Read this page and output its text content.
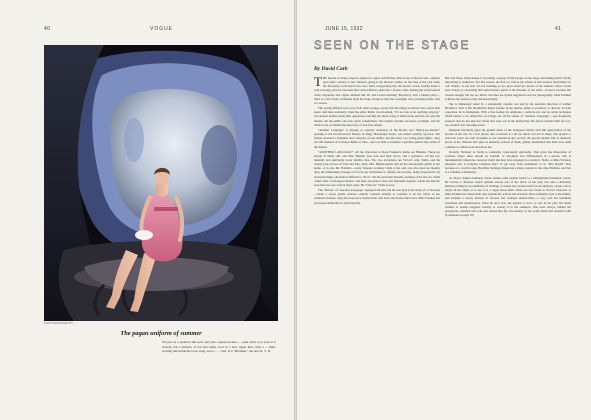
40	VOGUE
PHOTOGRAPHED BY ...	... ...
The pagan uniform of summer
We put on a pedestal this new and pale, square-necked, ... pink when you look at it closely, but a mixture of red and white wool in a new ripple knit, with a ... fluid-looking that holds the torso snug, and a ... ... belt. It is "Brettesh," the new R. V. D.
JUNE 15, 1932	41
SEEN ON THE STAGE
By David Carb

THE theatre, in many respects, neglects to agree with Nature. But in one, it flowers late—indeed, goes quite contrary to her: Nature's spring is the theatre's winter. At the time of the year when the flowering world bursts into new, fresh, invigorating life, the theatre crawls wearily under a cold covering, shivers, becomes inert and profitless, sinks into a frozen coma. During the vernal period when vagrancies and vigour animate life, Dr. and Leaves-forming, Broadway with a listless palsy—turns to a few frosty conditions upon the stage, shrugs as they the overnight, and, yawning loudly, calls it a season.

This spring differed in no way from other springs, except that the things produced were worse than usual. And then, suddenly, when the entire Rialto was moaning, "It's too late to do anything anyway," two serious dramas made their appearance and like the sharp clang of alarm-locks startled, not only the theatre, but the public also into quick wakefulness. The dramas became successes overnight, and the whole town acclaimed the discovery of four fine talents.

"Another Language" is playing to capacity audiences at the Booth, and "Merry-Go-Round," opening at the Provincetown Theatre in dingy Macdougal Street, was rushed quickly up-town. The former revealed a dramatist and a director of real ability, and the latter, two young playwrights—they are still students of Professor Baker at Yale—who are able to translate a genuine passion into terms of the theatre.

"ANOTHER LANGUAGE": All the characters in Rose Franken's drama are Hallams. There are eleven of them—Mr. and Mrs. Hallam, four sons and their wives, and a grandson—all but two mentally and spiritually lower middle class. The two exceptions are Victor's wife, Stella, and the twenty-year-old son of Paul and Etta, Jerry. Mrs. Hallam insists that all her descendants gather at her home—it is also Mr. Hallam's—every Tuesday evening. Stella is the only one who does not meekly obey the dominating dowager, not from any inclination to offend, but because, being interested in art and such things, she finds it difficult to "fit in." On the particular Tuesday evening of the last act, Stella comes after a prolonged absence, and there encounters Jerry, her husband's nephew, whom she had not seen since he was a lad in short pants. He "falls for" Stella at once.

The "theatre" of "Another Language" springs from that, but the real play is the study of a vivacious—under a sweet, gentle exterior—elderly woman's attempt to continue to be the centre of her children's interest, long after they have formed their own lives and found other loves. Miss Franken has succeeded admirably in depicting that.

Her best finest achievement is in putting a group of dull people on the stage and making them vividly interesting to audiences. For that reason, the first act, before the advent of that tension, fixed thing we call "drama," is the best. It's not insisting on too great detail (no places of the realistic school would have done); by exercising that selectiveness which is the measure of the artist—in short, because she reveals enough, but not too much, becomes an orphan suggestion and not photography, Miss Franken achieves her purpose truly and absorbingly.

She is immensely aided by a remarkably capable cast and by the sensitive direction of Arthur Beckhard. This is Mr. Beckhard's initial venture in the theatre, either as producer or director. In both capacities, he is triumphant. With a fine feeling for emphasis, a delicate ear, and an adroit technique which seems to be instinctive, he brings out all the values of "Another Language"—one frequently suspects that he has injected values that were not in the manuscript. He shows marked skill (or is it, too, instinct?) in choosing actors.

Margaret Wycherly plays the grande dame of the bourgeois family with full appreciation of the burden of the role. In a few places, she overstress it a bit too much, but not in many. She projects a character every one will recognize as not unusual in any society: the greedy mother who is intensely proud of her children and quite as intensely jealous of them, grimly determined that their lives shall continue to radiate from and about her.

Dorothy Stickney as Stella is somewhat consciously spiritualle. That gives the impression of coolness where there should be warmth, of aloofness and differentness in a person who is fundamentally impulsive, however much she may have managed to restrain it. Stella, as Miss Stickney interprets her, is studying sculpture more "to get away from something" or to "find herself" than because of a creative urge. But Miss Stickney makes her a sharp contrast to the other Hallams, and that is a valuable contribution.

As Victor, Stella's husband, Glenn Anders adds another laurel to a distinguished histrionic career. He creates a character which remains always part of the fabric of the play, but, like a delicately brilliant etching in an exhibition of etchings, it stands out, isolates itself on the memory, causes one to forget all the others or to see it as a vague about them. There are two facets to Victor's character as Miss Franken has drawn him; they explain his actions and reactions. He is intensely loyal to his family, and beneath a hearty manner of bravura lies softened mediocrities—a very real but indefinite sweetness and sensitiveness. What he once was, his nephew is now; so one in the play but Stella realizes it. Anders suggests adroitly to convey it to the audience. One feels always, behind the prosperous, satisfied man who has settled into life, the shadow of the youth Stella had dreamed with (Continued on page 70)
